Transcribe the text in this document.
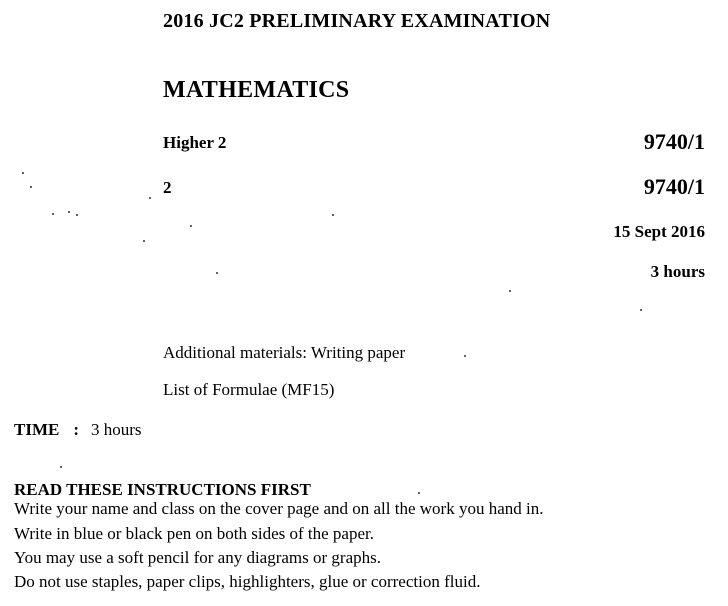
2016 JC2 PRELIMINARY EXAMINATION
MATHEMATICS
Higher 2	9740/1
2	9740/1
15 Sept 2016
3 hours
Additional materials: Writing paper
List of Formulae (MF15)
TIME : 3 hours
READ THESE INSTRUCTIONS FIRST
Write your name and class on the cover page and on all the work you hand in.
Write in blue or black pen on both sides of the paper.
You may use a soft pencil for any diagrams or graphs.
Do not use staples, paper clips, highlighters, glue or correction fluid.
